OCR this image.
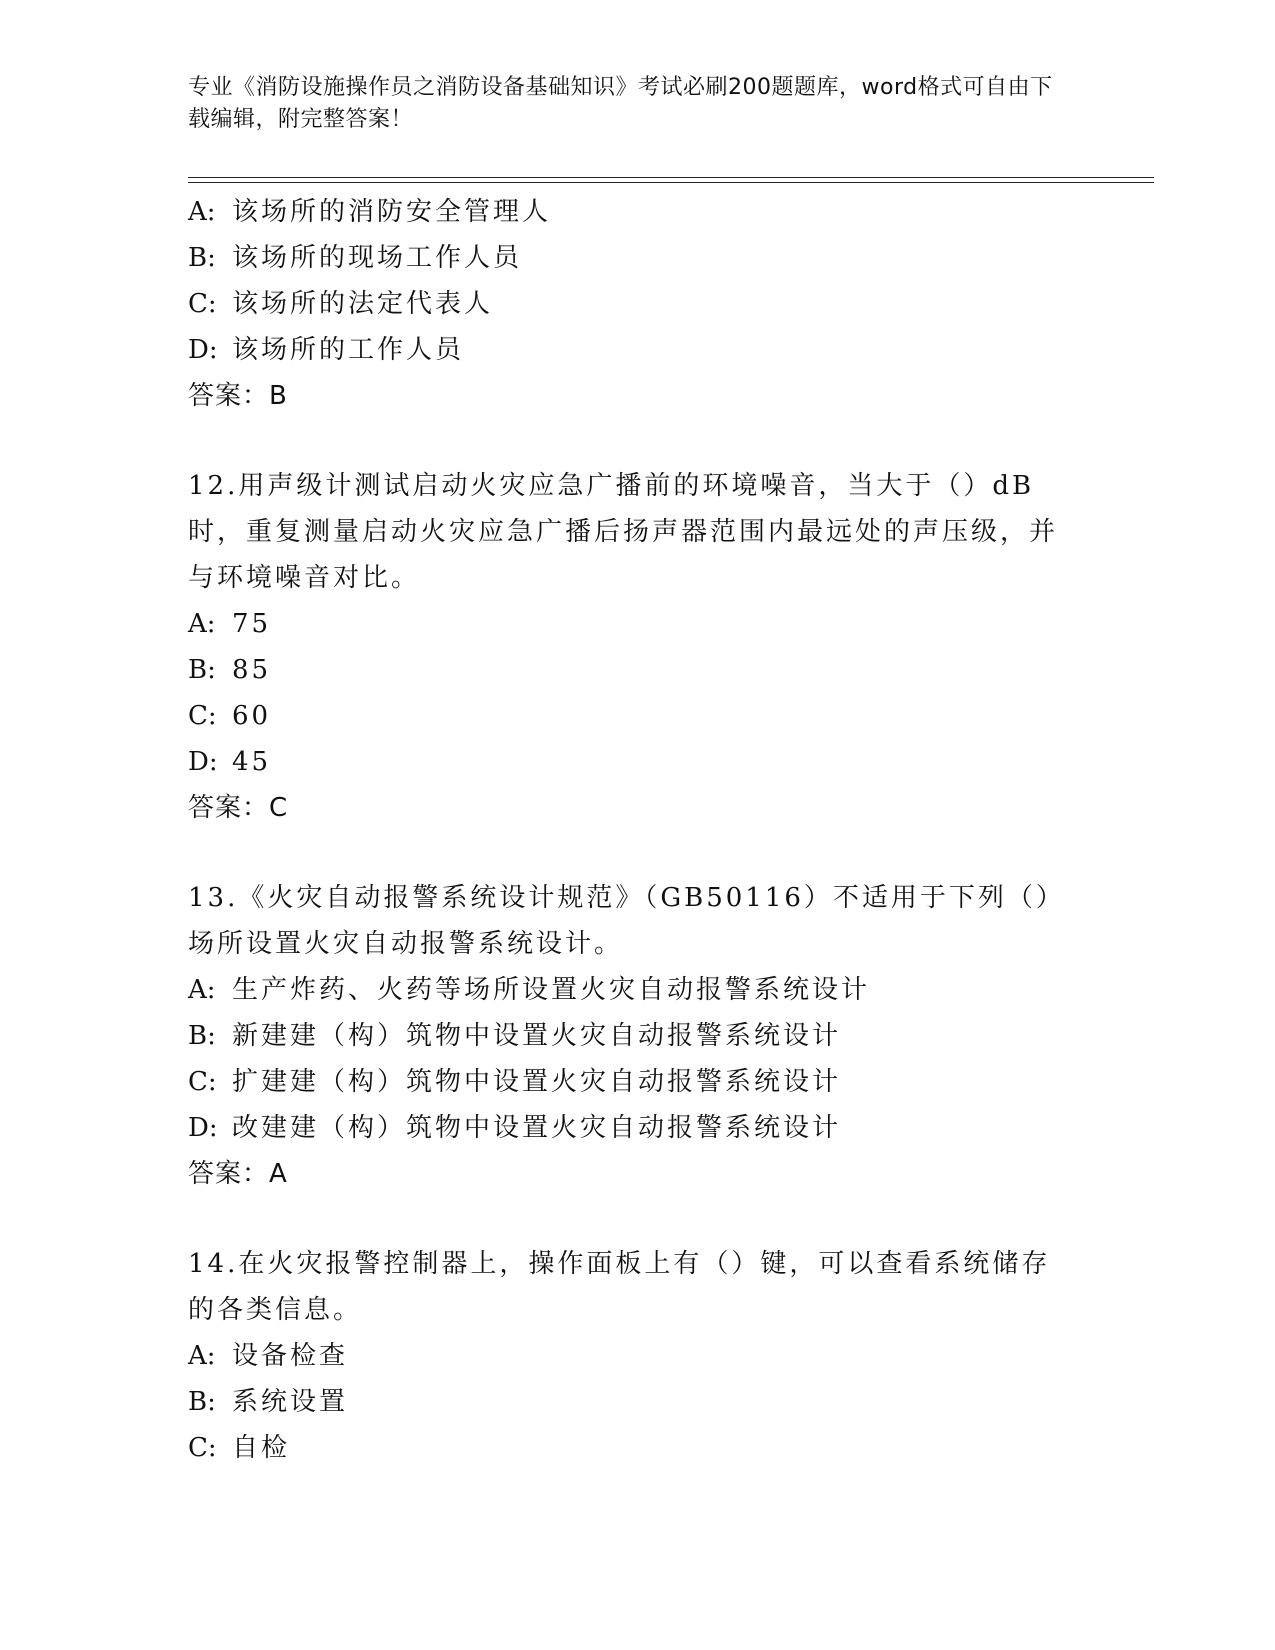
专业《消防设施操作员之消防设备基础知识》考试必刷200题题库，word格式可自由下载编辑，附完整答案！
A: 该场所的消防安全管理人
B: 该场所的现场工作人员
C: 该场所的法定代表人
D: 该场所的工作人员
答案：B
12.用声级计测试启动火灾应急广播前的环境噪音，当大于（）dB时，重复测量启动火灾应急广播后扬声器范围内最远处的声压级，并与环境噪音对比。
A: 75
B: 85
C: 60
D: 45
答案：C
13.《火灾自动报警系统设计规范》（GB50116）不适用于下列（）场所设置火灾自动报警系统设计。
A: 生产炸药、火药等场所设置火灾自动报警系统设计
B: 新建建（构）筑物中设置火灾自动报警系统设计
C: 扩建建（构）筑物中设置火灾自动报警系统设计
D: 改建建（构）筑物中设置火灾自动报警系统设计
答案：A
14.在火灾报警控制器上，操作面板上有（）键，可以查看系统储存的各类信息。
A: 设备检查
B: 系统设置
C: 自检
